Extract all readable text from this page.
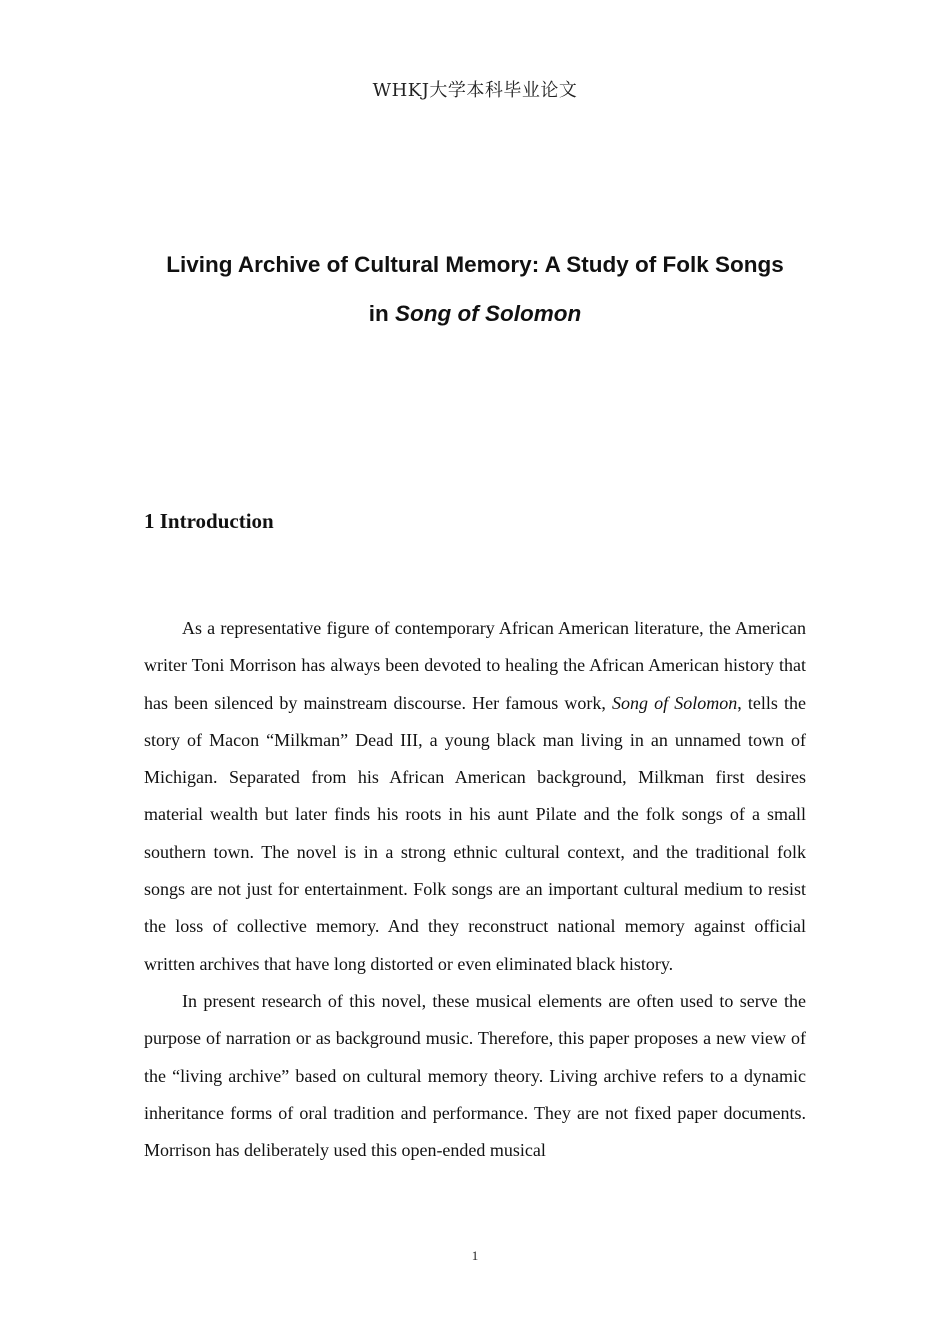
WHKJ大学本科毕业论文
Living Archive of Cultural Memory: A Study of Folk Songs
in Song of Solomon
1 Introduction

As a representative figure of contemporary African American literature, the American writer Toni Morrison has always been devoted to healing the African American history that has been silenced by mainstream discourse. Her famous work, Song of Solomon, tells the story of Macon “Milkman” Dead III, a young black man living in an unnamed town of Michigan. Separated from his African American background, Milkman first desires material wealth but later finds his roots in his aunt Pilate and the folk songs of a small southern town. The novel is in a strong ethnic cultural context, and the traditional folk songs are not just for entertainment. Folk songs are an important cultural medium to resist the loss of collective memory. And they reconstruct national memory against official written archives that have long distorted or even eliminated black history.

In present research of this novel, these musical elements are often used to serve the purpose of narration or as background music. Therefore, this paper proposes a new view of the “living archive” based on cultural memory theory. Living archive refers to a dynamic inheritance forms of oral tradition and performance. They are not fixed paper documents. Morrison has deliberately used this open-ended musical

1
